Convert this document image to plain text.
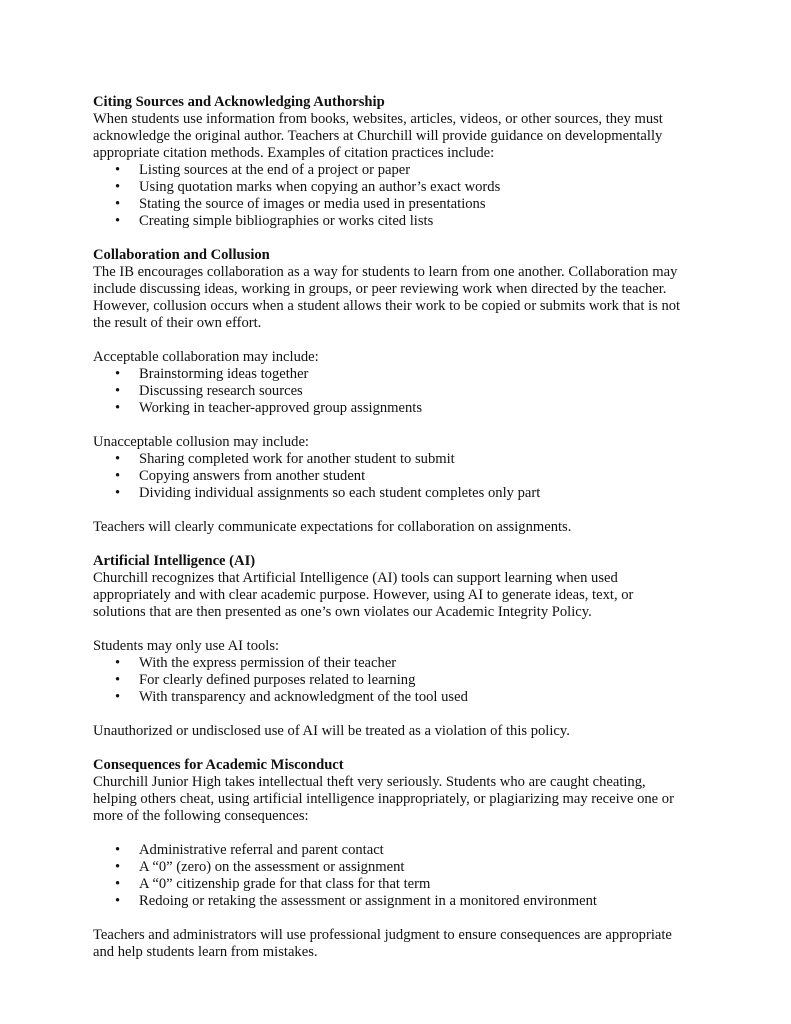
Citing Sources and Acknowledging Authorship

When students use information from books, websites, articles, videos, or other sources, they must

acknowledge the original author. Teachers at Churchill will provide guidance on developmentally

appropriate citation methods. Examples of citation practices include:

• Listing sources at the end of a project or paper
• Using quotation marks when copying an author’s exact words
• Stating the source of images or media used in presentations
• Creating simple bibliographies or works cited lists

Collaboration and Collusion

The IB encourages collaboration as a way for students to learn from one another. Collaboration may

include discussing ideas, working in groups, or peer reviewing work when directed by the teacher.

However, collusion occurs when a student allows their work to be copied or submits work that is not

the result of their own effort.

Acceptable collaboration may include:

• Brainstorming ideas together
• Discussing research sources
• Working in teacher-approved group assignments

Unacceptable collusion may include:

• Sharing completed work for another student to submit
• Copying answers from another student
• Dividing individual assignments so each student completes only part

Teachers will clearly communicate expectations for collaboration on assignments.

Artificial Intelligence (AI)

Churchill recognizes that Artificial Intelligence (AI) tools can support learning when used

appropriately and with clear academic purpose. However, using AI to generate ideas, text, or

solutions that are then presented as one’s own violates our Academic Integrity Policy.

Students may only use AI tools:

• With the express permission of their teacher
• For clearly defined purposes related to learning
• With transparency and acknowledgment of the tool used

Unauthorized or undisclosed use of AI will be treated as a violation of this policy.

Consequences for Academic Misconduct

Churchill Junior High takes intellectual theft very seriously. Students who are caught cheating,

helping others cheat, using artificial intelligence inappropriately, or plagiarizing may receive one or

more of the following consequences:

• Administrative referral and parent contact
• A “0” (zero) on the assessment or assignment
• A “0” citizenship grade for that class for that term
• Redoing or retaking the assessment or assignment in a monitored environment

Teachers and administrators will use professional judgment to ensure consequences are appropriate

and help students learn from mistakes.
